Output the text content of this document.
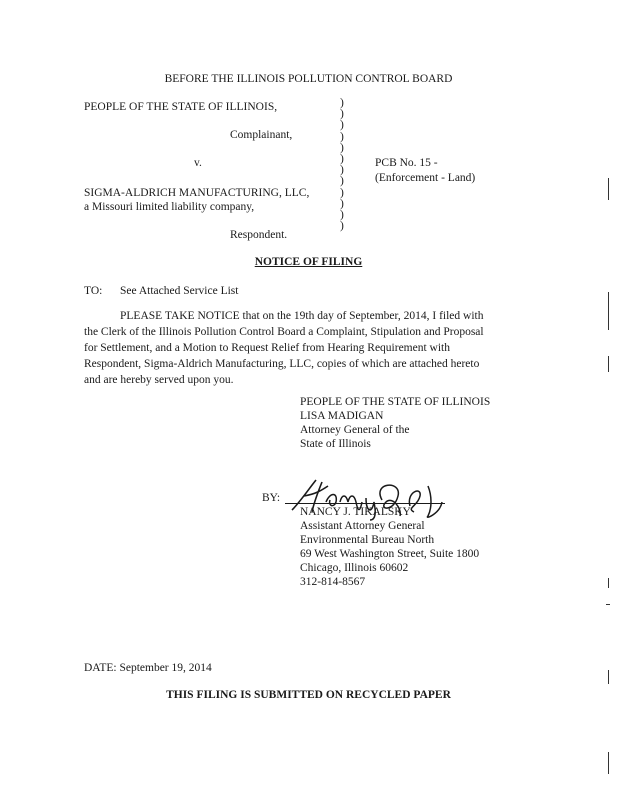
BEFORE THE ILLINOIS POLLUTION CONTROL BOARD
PEOPLE OF THE STATE OF ILLINOIS,
Complainant,
v.
SIGMA-ALDRICH MANUFACTURING, LLC,
a Missouri limited liability company,
Respondent.
)
)
)
)
)
)
)
)
)
)
)
)
PCB No. 15 -
(Enforcement - Land)
NOTICE OF FILING
TO: See Attached Service List
PLEASE TAKE NOTICE that on the 19th day of September, 2014, I filed with
the Clerk of the Illinois Pollution Control Board a Complaint, Stipulation and Proposal
for Settlement, and a Motion to Request Relief from Hearing Requirement with
Respondent, Sigma-Aldrich Manufacturing, LLC, copies of which are attached hereto
and are hereby served upon you.
PEOPLE OF THE STATE OF ILLINOIS
LISA MADIGAN
Attorney General of the
State of Illinois
BY:
NANCY J. TIKALSKY
Assistant Attorney General
Environmental Bureau North
69 West Washington Street, Suite 1800
Chicago, Illinois 60602
312-814-8567
DATE: September 19, 2014
THIS FILING IS SUBMITTED ON RECYCLED PAPER
